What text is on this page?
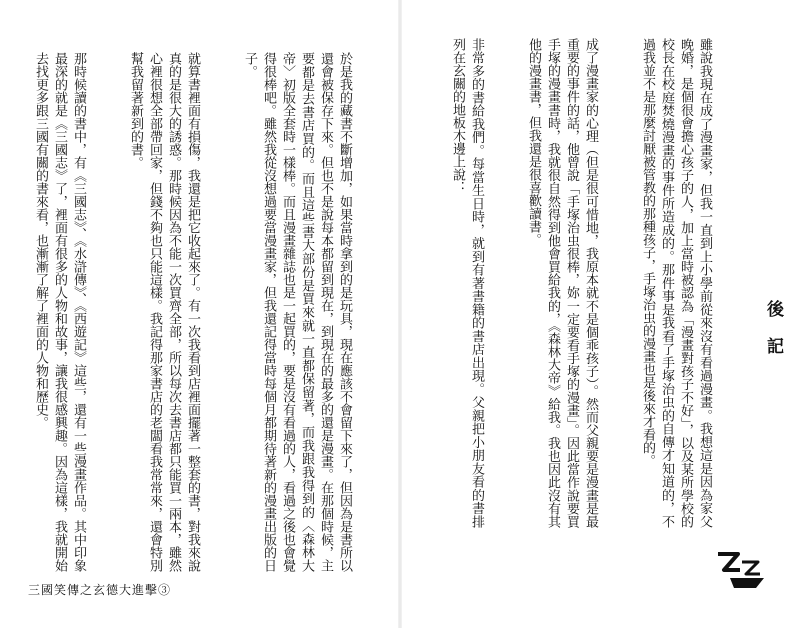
於是我的藏書不斷增加，如果當時拿到的是玩具，現在應該不會留下來了，但因為是書所以還會被保存下來。但也不是說每本都留到現在，到現在的最多的還是漫畫。在那個時候，主要都是去書店買的。而且這些書大部份是買來就一直都保留著，而我跟我得到的〈森林大帝〉初版全套時一樣棒。而且漫畫雜誌也是一起買的，要是沒有看過的人，看過之後也會覺得很棒吧。雖然我從沒想過要當漫畫家，但我還記得當時每個月都期待著新的漫畫出版的日子。

就算書裡面有損傷，我還是把它收起來了。有一次我看到店裡面擺著一整套的書，對我來說真的是很大的誘惑。那時候因為不能一次買齊全部，所以每次去書店都只能買一兩本，雖然心裡很想全部帶回家，但錢不夠也只能這樣。我記得那家書店的老闆看我常常來，還會特別幫我留著新到的書。

那時候讀的書中，有《三國志》、《水滸傳》、《西遊記》這些，還有一些漫畫作品。其中印象最深的就是《三國志》了，裡面有很多的人物和故事，讓我很感興趣。因為這樣，我就開始去找更多跟三國有關的書來看，也漸漸了解了裡面的人物和歷史。

三國笑傳之玄德大進擊③

雖說我現在成了漫畫家，但我一直到上小學前從來沒有看過漫畫。我想這是因為家父晚婚，是個很會擔心孩子的人，加上當時被認為「漫畫對孩子不好」，以及某所學校的校長在校庭焚燒漫畫的事件所造成的。那件事是我看了手塚治虫的自傳才知道的，不過我並不是那麼討厭被管教的那種孩子，手塚治虫的漫畫也是後來才看的。

成了漫畫家的心理（但是很可惜地，我原本就不是個乖孩子）。然而父親要是漫畫是最重要的事件的話，他曾說「手塚治虫很棒，妳一定要看手塚的漫畫」。因此當作說要買手塚的漫畫書時，我就很自然得到他會買給我的，《森林大帝》給我。我也因此沒有其他的漫畫書，但我還是很喜歡讀書。

非常多的書給我們。每當生日時，就到有著書籍的書店出現。父親把小朋友看的書排列在玄關的地板木邊上說：

後記
